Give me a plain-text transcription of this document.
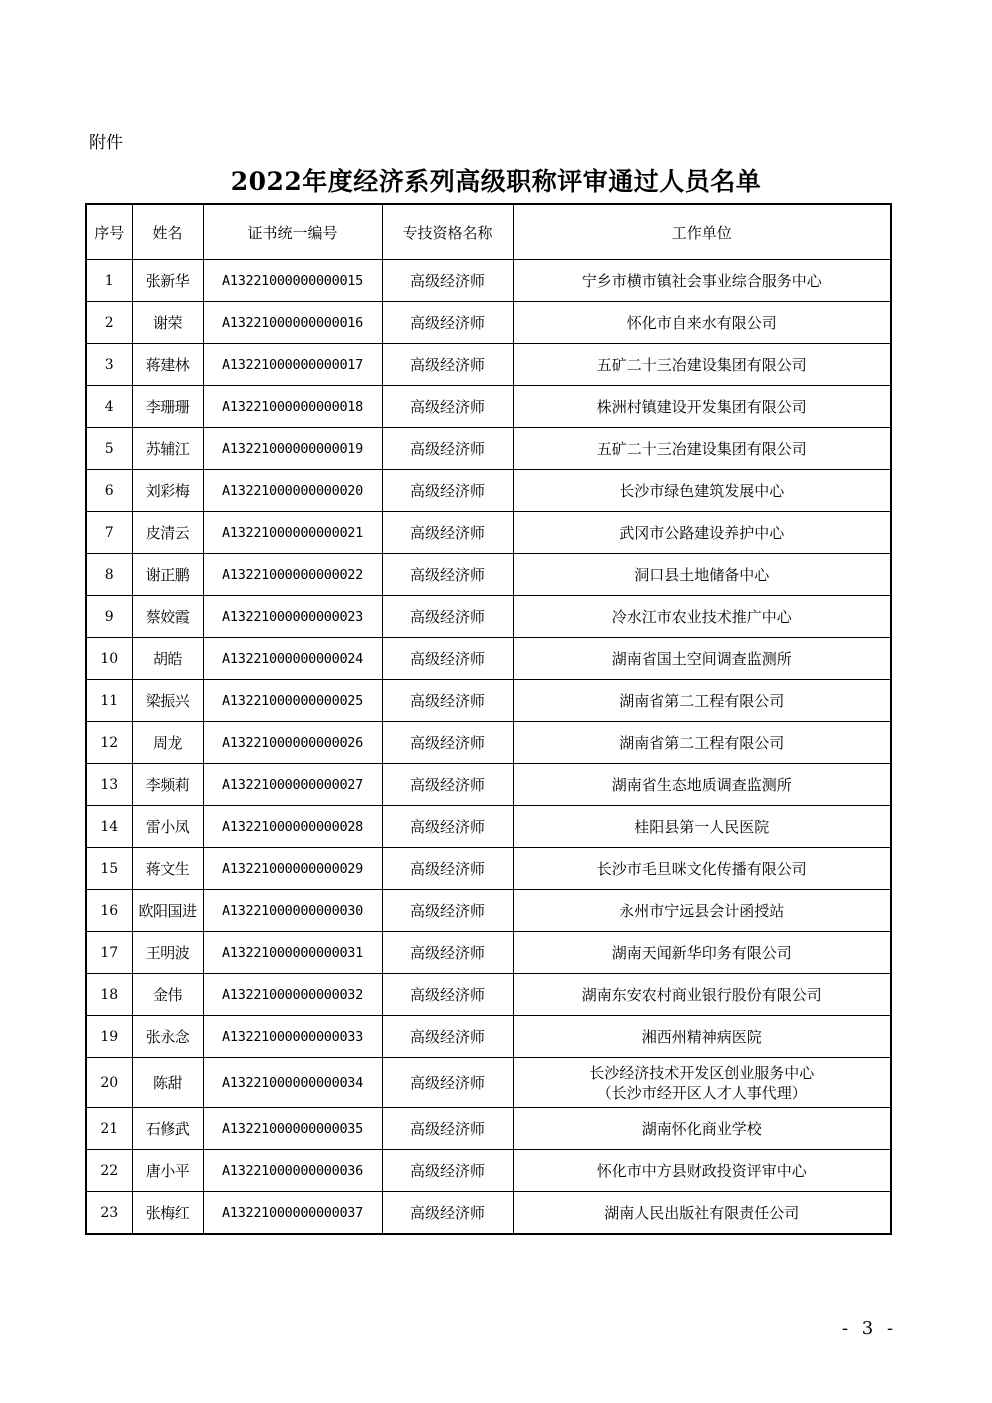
附件
2022年度经济系列高级职称评审通过人员名单
序号	姓名	证书统一编号	专技资格名称	工作单位
1	张新华	A13221000000000015	高级经济师	宁乡市横市镇社会事业综合服务中心
2	谢荣	A13221000000000016	高级经济师	怀化市自来水有限公司
3	蒋建林	A13221000000000017	高级经济师	五矿二十三冶建设集团有限公司
4	李珊珊	A13221000000000018	高级经济师	株洲村镇建设开发集团有限公司
5	苏辅江	A13221000000000019	高级经济师	五矿二十三冶建设集团有限公司
6	刘彩梅	A13221000000000020	高级经济师	长沙市绿色建筑发展中心
7	皮清云	A13221000000000021	高级经济师	武冈市公路建设养护中心
8	谢正鹏	A13221000000000022	高级经济师	洞口县土地储备中心
9	蔡姣霞	A13221000000000023	高级经济师	冷水江市农业技术推广中心
10	胡皓	A13221000000000024	高级经济师	湖南省国土空间调查监测所
11	梁振兴	A13221000000000025	高级经济师	湖南省第二工程有限公司
12	周龙	A13221000000000026	高级经济师	湖南省第二工程有限公司
13	李频莉	A13221000000000027	高级经济师	湖南省生态地质调查监测所
14	雷小凤	A13221000000000028	高级经济师	桂阳县第一人民医院
15	蒋文生	A13221000000000029	高级经济师	长沙市毛旦咪文化传播有限公司
16	欧阳国进	A13221000000000030	高级经济师	永州市宁远县会计函授站
17	王明波	A13221000000000031	高级经济师	湖南天闻新华印务有限公司
18	金伟	A13221000000000032	高级经济师	湖南东安农村商业银行股份有限公司
19	张永念	A13221000000000033	高级经济师	湘西州精神病医院
20	陈甜	A13221000000000034	高级经济师	长沙经济技术开发区创业服务中心
（长沙市经开区人才人事代理）

21	石修武	A13221000000000035	高级经济师	湖南怀化商业学校
22	唐小平	A13221000000000036	高级经济师	怀化市中方县财政投资评审中心
23	张梅红	A13221000000000037	高级经济师	湖南人民出版社有限责任公司
- 3 -
